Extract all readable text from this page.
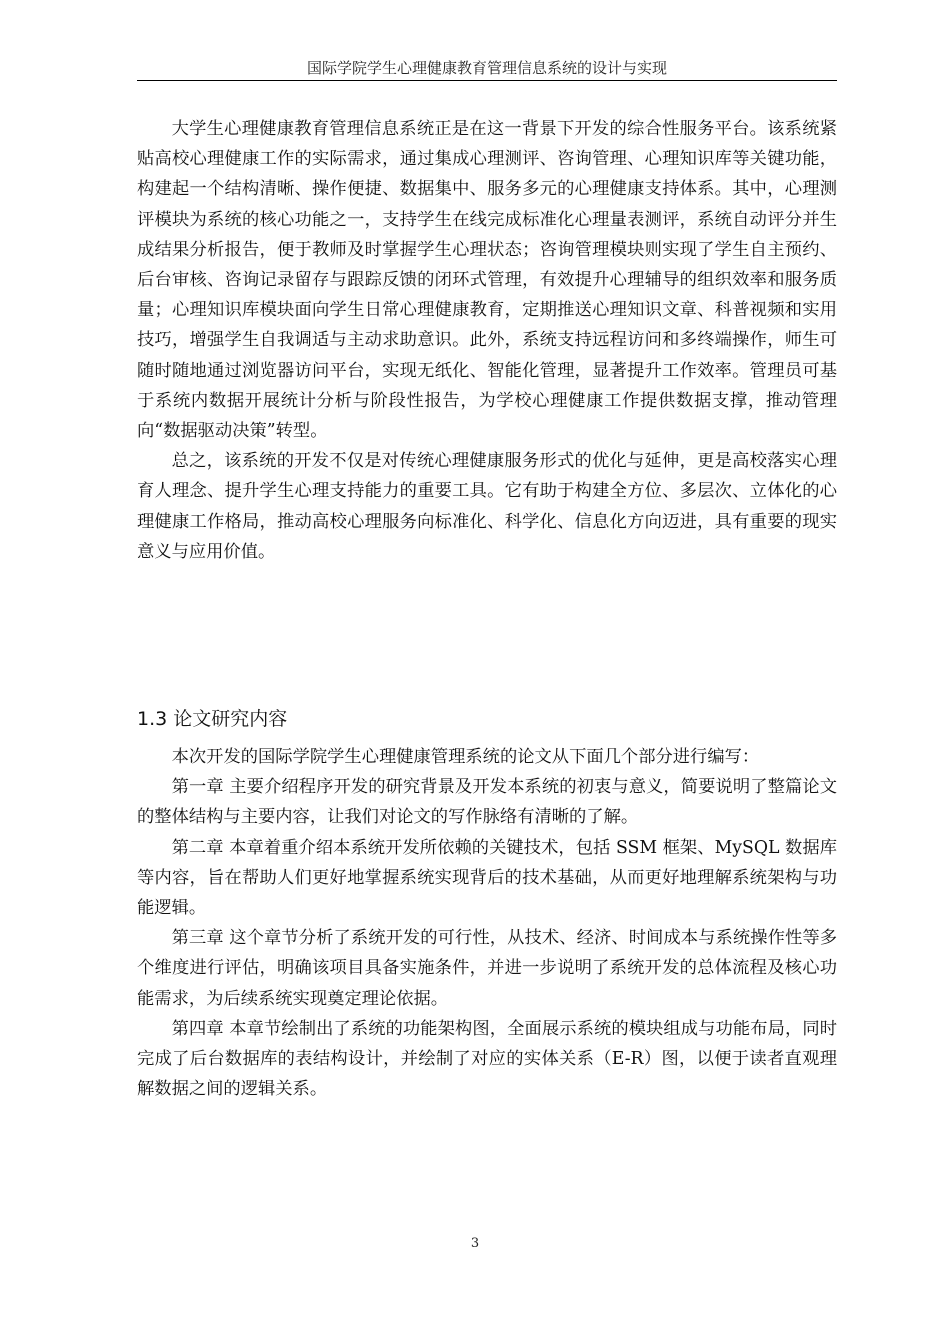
国际学院学生心理健康教育管理信息系统的设计与实现

大学生心理健康教育管理信息系统正是在这一背景下开发的综合性服务平台。该系统紧贴高校心理健康工作的实际需求，通过集成心理测评、咨询管理、心理知识库等关键功能，构建起一个结构清晰、操作便捷、数据集中、服务多元的心理健康支持体系。其中，心理测评模块为系统的核心功能之一，支持学生在线完成标准化心理量表测评，系统自动评分并生成结果分析报告，便于教师及时掌握学生心理状态；咨询管理模块则实现了学生自主预约、后台审核、咨询记录留存与跟踪反馈的闭环式管理，有效提升心理辅导的组织效率和服务质量；心理知识库模块面向学生日常心理健康教育，定期推送心理知识文章、科普视频和实用技巧，增强学生自我调适与主动求助意识。此外，系统支持远程访问和多终端操作，师生可随时随地通过浏览器访问平台，实现无纸化、智能化管理，显著提升工作效率。管理员可基于系统内数据开展统计分析与阶段性报告，为学校心理健康工作提供数据支撑，推动管理向“数据驱动决策”转型。

总之，该系统的开发不仅是对传统心理健康服务形式的优化与延伸，更是高校落实心理育人理念、提升学生心理支持能力的重要工具。它有助于构建全方位、多层次、立体化的心理健康工作格局，推动高校心理服务向标准化、科学化、信息化方向迈进，具有重要的现实意义与应用价值。

1.3 论文研究内容

本次开发的国际学院学生心理健康管理系统的论文从下面几个部分进行编写：

第一章 主要介绍程序开发的研究背景及开发本系统的初衷与意义，简要说明了整篇论文的整体结构与主要内容，让我们对论文的写作脉络有清晰的了解。

第二章 本章着重介绍本系统开发所依赖的关键技术，包括 SSM 框架、MySQL 数据库等内容，旨在帮助人们更好地掌握系统实现背后的技术基础，从而更好地理解系统架构与功能逻辑。

第三章 这个章节分析了系统开发的可行性，从技术、经济、时间成本与系统操作性等多个维度进行评估，明确该项目具备实施条件，并进一步说明了系统开发的总体流程及核心功能需求，为后续系统实现奠定理论依据。

第四章 本章节绘制出了系统的功能架构图，全面展示系统的模块组成与功能布局，同时完成了后台数据库的表结构设计，并绘制了对应的实体关系（E-R）图，以便于读者直观理解数据之间的逻辑关系。

3
